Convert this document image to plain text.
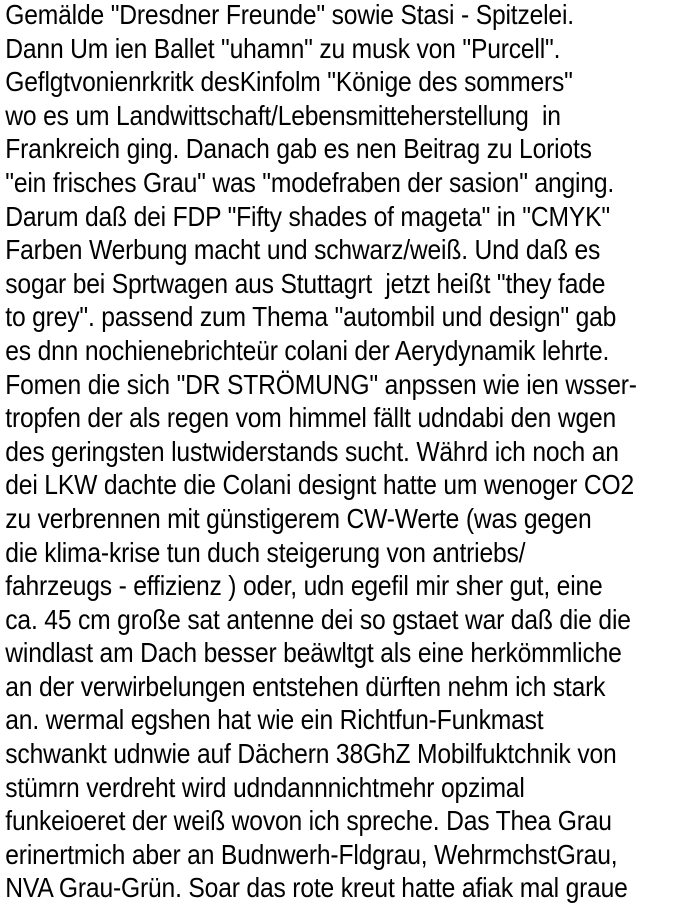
Gemälde "Dresdner Freunde" sowie Stasi - Spitzelei.
Dann Um ien Ballet "uhamn" zu musk von "Purcell".
Geflgtvonienrkritk desKinfolm "Könige des sommers"
wo es um Landwittschaft/Lebensmitteherstellung  in
Frankreich ging. Danach gab es nen Beitrag zu Loriots
"ein frisches Grau" was "modefraben der sasion" anging.
Darum daß dei FDP "Fifty shades of mageta" in "CMYK"
Farben Werbung macht und schwarz/weiß. Und daß es
sogar bei Sprtwagen aus Stuttagrt  jetzt heißt "they fade
to grey". passend zum Thema "autombil und design" gab
es dnn nochienebrichteür colani der Aerydynamik lehrte.
Fomen die sich "DR STRÖMUNG" anpssen wie ien wsser-
tropfen der als regen vom himmel fällt udndabi den wgen
des geringsten lustwiderstands sucht. Währd ich noch an
dei LKW dachte die Colani designt hatte um wenoger CO2
zu verbrennen mit günstigerem CW-Werte (was gegen
die klima-krise tun duch steigerung von antriebs/
fahrzeugs - effizienz ) oder, udn egefil mir sher gut, eine
ca. 45 cm große sat antenne dei so gstaet war daß die die
windlast am Dach besser beäwltgt als eine herkömmliche
an der verwirbelungen entstehen dürften nehm ich stark
an. wermal egshen hat wie ein Richtfun-Funkmast
schwankt udnwie auf Dächern 38GhZ Mobilfuktchnik von
stümrn verdreht wird udndannnichtmehr opzimal
funkeioeret der weiß wovon ich spreche. Das Thea Grau
erinertmich aber an Budnwerh-Fldgrau, WehrmchstGrau,
NVA Grau-Grün. Soar das rote kreut hatte afiak mal graue
